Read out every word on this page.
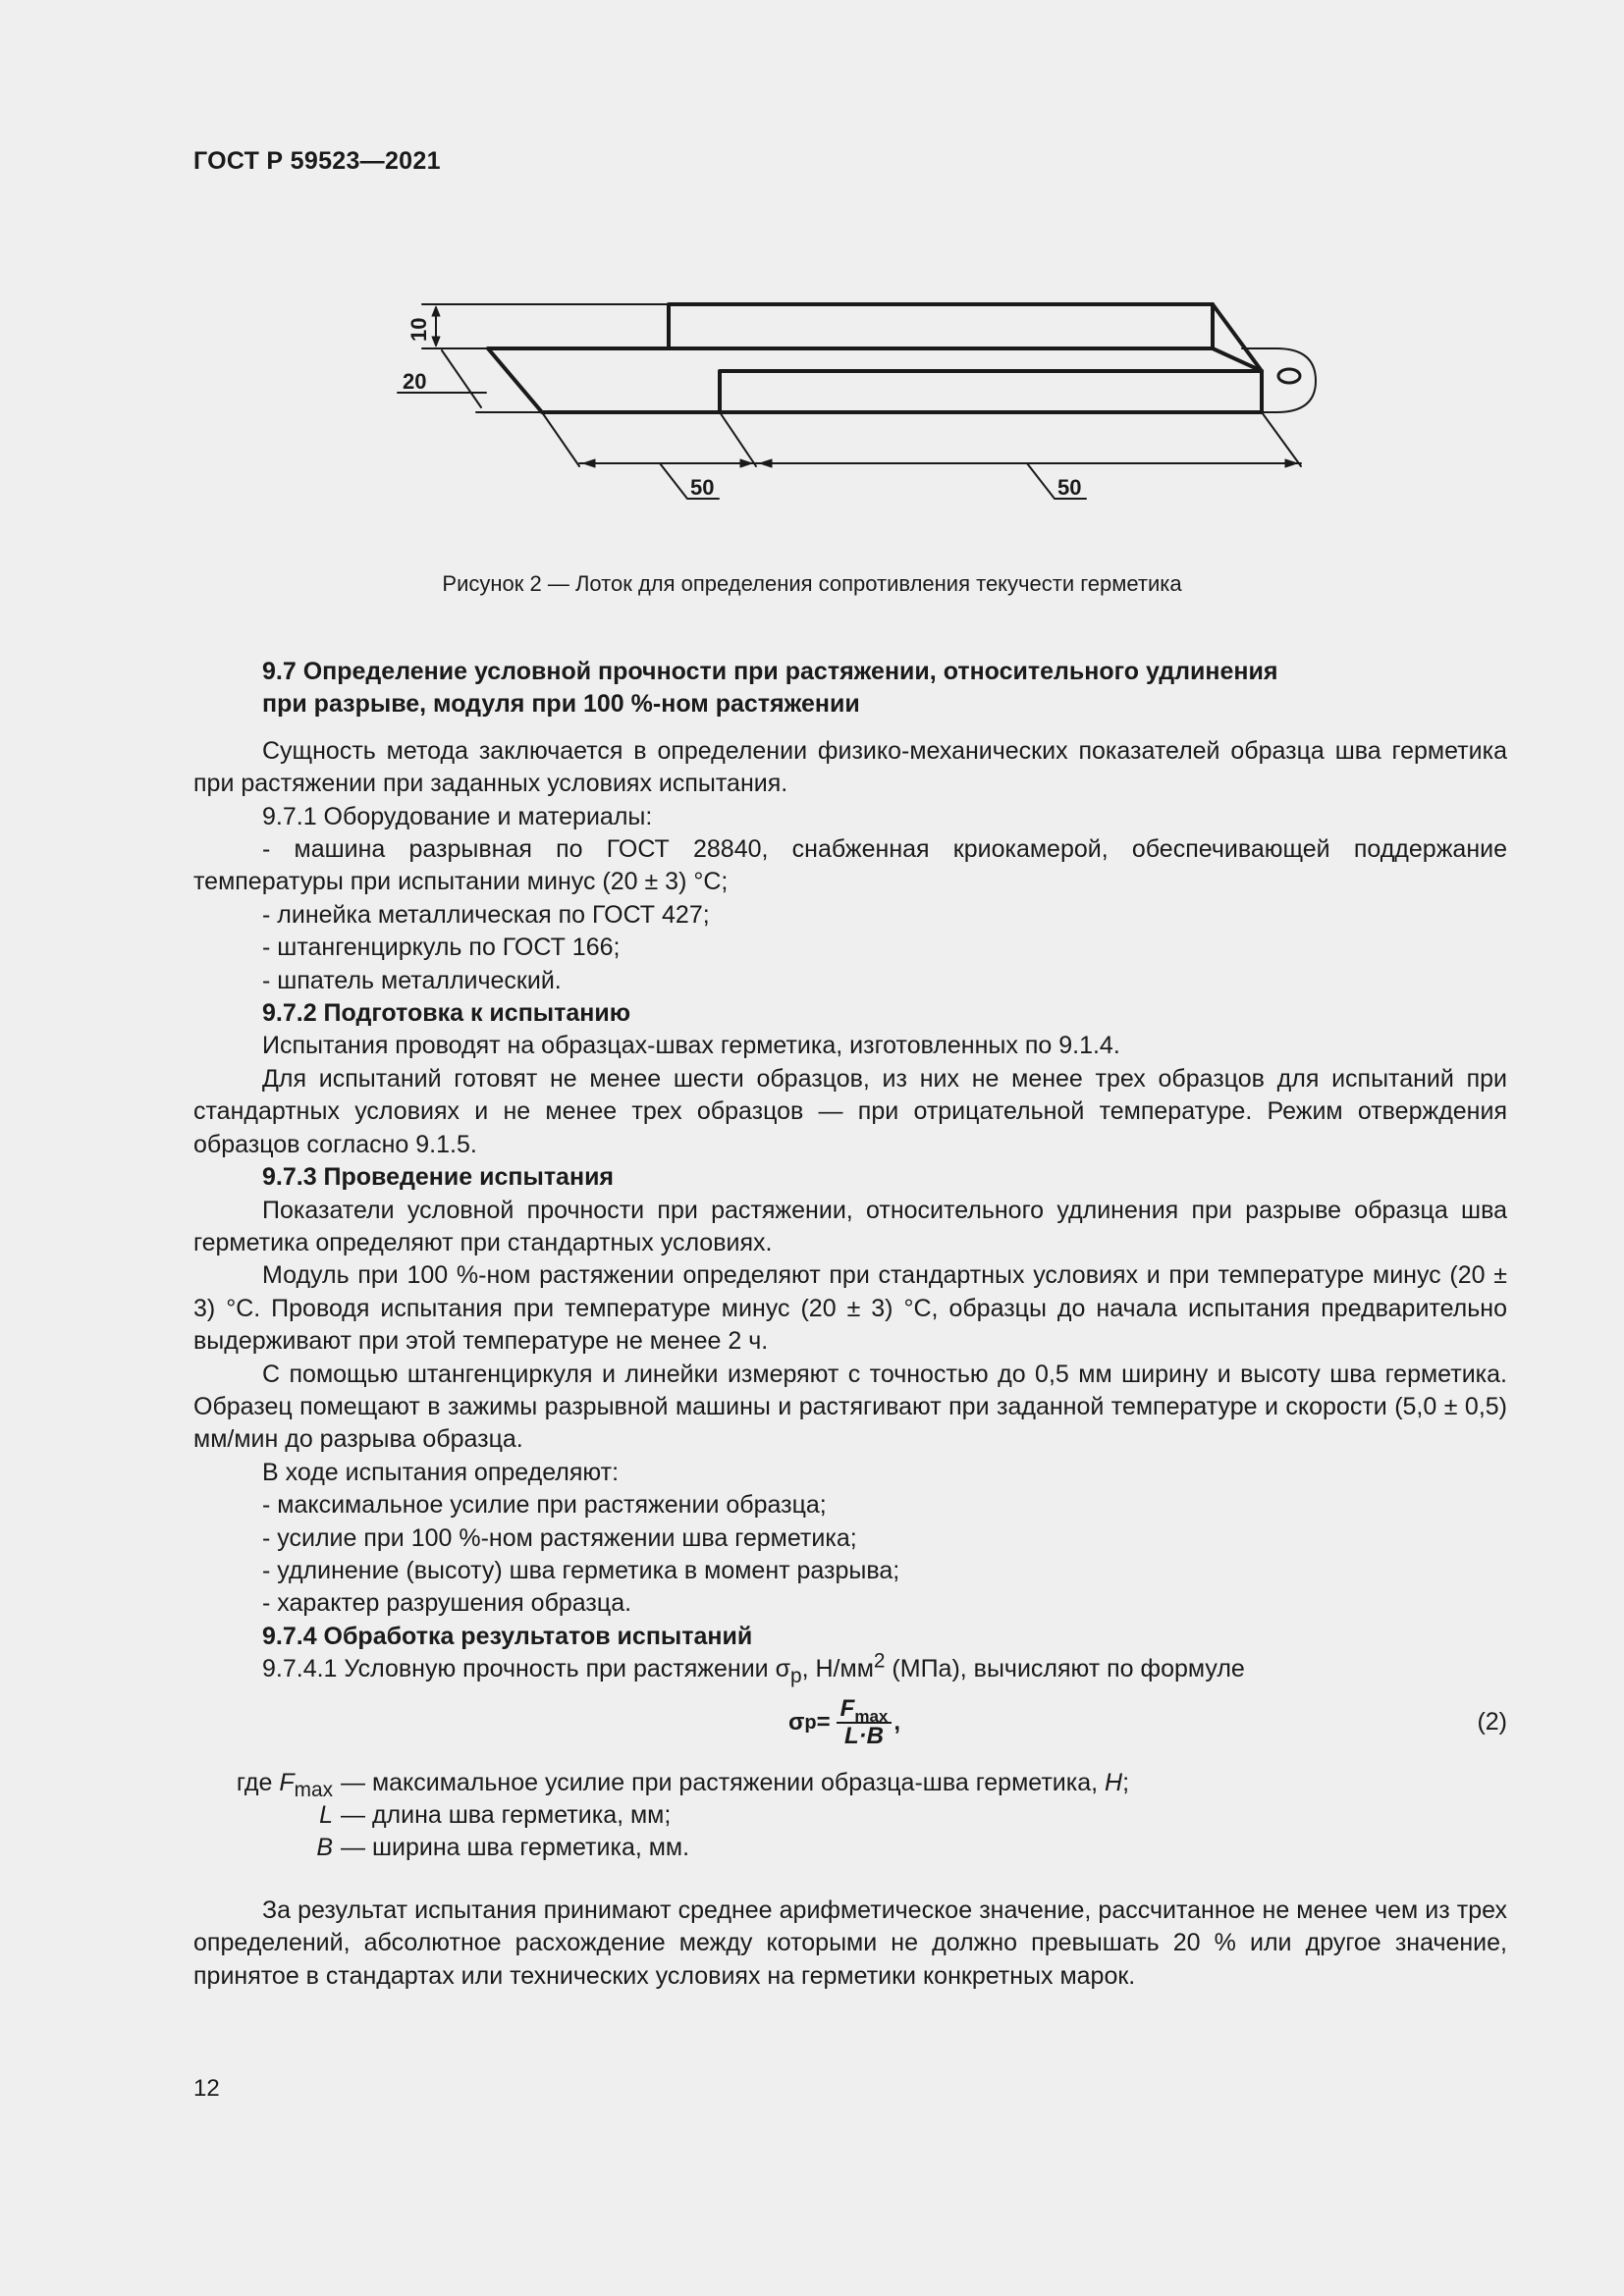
ГОСТ Р 59523—2021
10
20
50	50
Рисунок 2 — Лоток для определения сопротивления текучести герметика
9.7 Определение условной прочности при растяжении, относительного удлинения
при разрыве, модуля при 100 %-ном растяжении

Сущность метода заключается в определении физико-механических показателей образца шва герметика при растяжении при заданных условиях испытания.

9.7.1 Оборудование и материалы:

- машина разрывная по ГОСТ 28840, снабженная криокамерой, обеспечивающей поддержание температуры при испытании минус (20 ± 3) °С;

- линейка металлическая по ГОСТ 427;

- штангенциркуль по ГОСТ 166;

- шпатель металлический.

9.7.2 Подготовка к испытанию

Испытания проводят на образцах-швах герметика, изготовленных по 9.1.4.

Для испытаний готовят не менее шести образцов, из них не менее трех образцов для испытаний при стандартных условиях и не менее трех образцов — при отрицательной температуре. Режим отверждения образцов согласно 9.1.5.

9.7.3 Проведение испытания

Показатели условной прочности при растяжении, относительного удлинения при разрыве образца шва герметика определяют при стандартных условиях.

Модуль при 100 %-ном растяжении определяют при стандартных условиях и при температуре минус (20 ± 3) °С. Проводя испытания при температуре минус (20 ± 3) °С, образцы до начала испытания предварительно выдерживают при этой температуре не менее 2 ч.

С помощью штангенциркуля и линейки измеряют с точностью до 0,5 мм ширину и высоту шва герметика. Образец помещают в зажимы разрывной машины и растягивают при заданной температуре и скорости (5,0 ± 0,5) мм/мин до разрыва образца.

В ходе испытания определяют:

- максимальное усилие при растяжении образца;

- усилие при 100 %-ном растяжении шва герметика;

- удлинение (высоту) шва герметика в момент разрыва;

- характер разрушения образца.

9.7.4 Обработка результатов испытаний

9.7.4.1 Условную прочность при растяжении $\sigma_р$, $Н/мм^2$ (МПа), вычисляют по формуле

σ $р = \frac{F_{max}}{L\cdot B}$ ,	(2)
где $F_{max}$ — максимальное усилие при растяжении образца-шва герметика, Н;
L — длина шва герметика, мм;
B — ширина шва герметика, мм.

За результат испытания принимают среднее арифметическое значение, рассчитанное не менее чем из трех определений, абсолютное расхождение между которыми не должно превышать 20 % или другое значение, принятое в стандартах или технических условиях на герметики конкретных марок.

12
